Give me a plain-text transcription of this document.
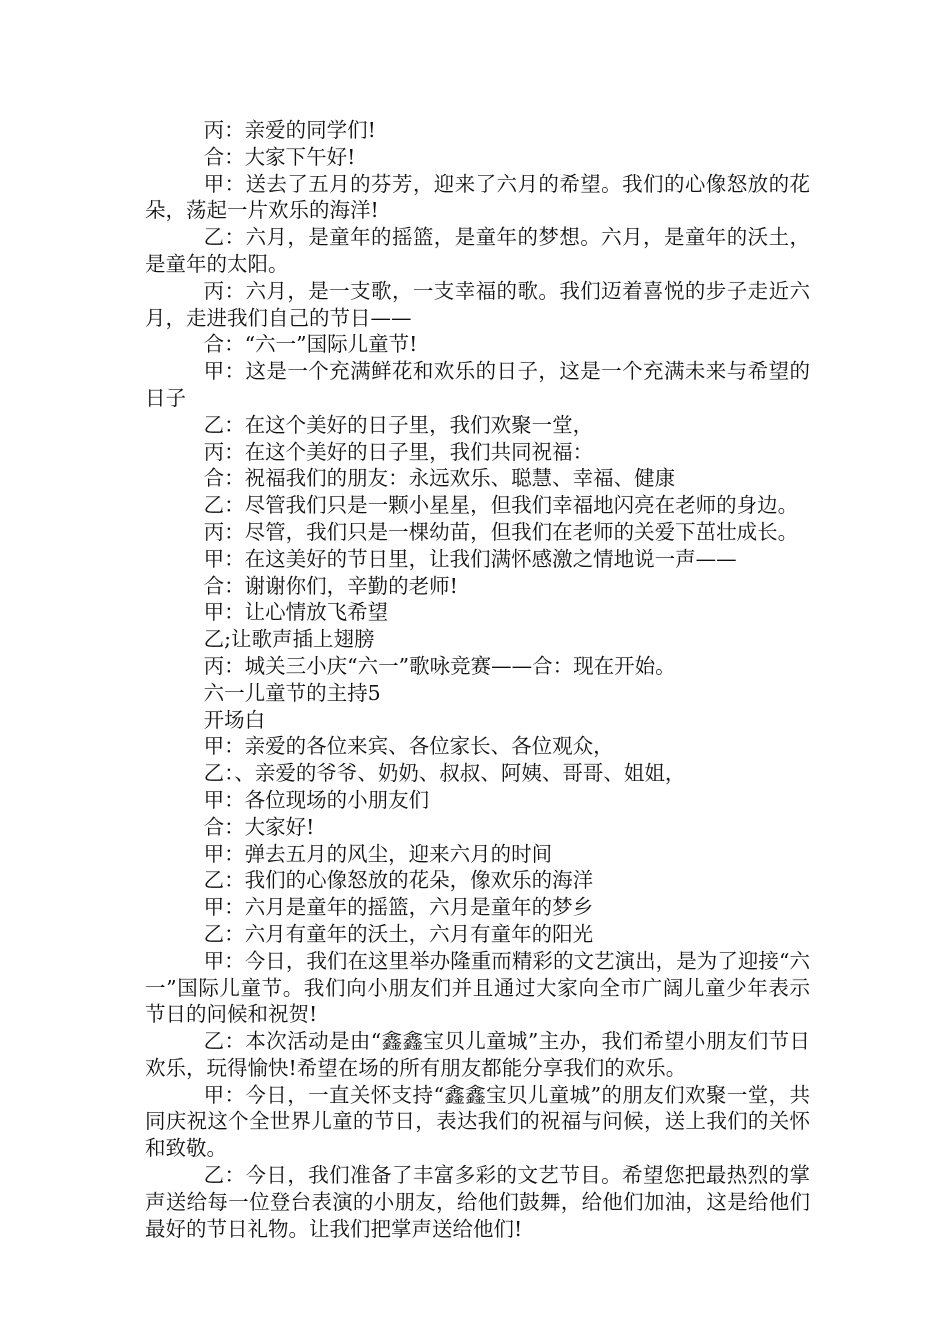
丙：亲爱的同学们!

合：大家下午好!

甲：送去了五月的芬芳，迎来了六月的希望。我们的心像怒放的花朵，荡起一片欢乐的海洋!

乙：六月，是童年的摇篮，是童年的梦想。六月，是童年的沃土，是童年的太阳。

丙：六月，是一支歌，一支幸福的歌。我们迈着喜悦的步子走近六月，走进我们自己的节日——

合：“六一”国际儿童节!

甲：这是一个充满鲜花和欢乐的日子，这是一个充满未来与希望的日子

乙：在这个美好的日子里，我们欢聚一堂，

丙：在这个美好的日子里，我们共同祝福：

合：祝福我们的朋友：永远欢乐、聪慧、幸福、健康

乙：尽管我们只是一颗小星星，但我们幸福地闪亮在老师的身边。

丙：尽管，我们只是一棵幼苗，但我们在老师的关爱下茁壮成长。

甲：在这美好的节日里，让我们满怀感激之情地说一声——

合：谢谢你们，辛勤的老师!

甲：让心情放飞希望

乙;让歌声插上翅膀

丙：城关三小庆“六一”歌咏竞赛——合：现在开始。

六一儿童节的主持5

开场白

甲：亲爱的各位来宾、各位家长、各位观众，

乙：、亲爱的爷爷、奶奶、叔叔、阿姨、哥哥、姐姐，

甲：各位现场的小朋友们

合：大家好!

甲：弹去五月的风尘，迎来六月的时间

乙：我们的心像怒放的花朵，像欢乐的海洋

甲：六月是童年的摇篮，六月是童年的梦乡

乙：六月有童年的沃土，六月有童年的阳光

甲：今日，我们在这里举办隆重而精彩的文艺演出，是为了迎接“六一”国际儿童节。我们向小朋友们并且通过大家向全市广阔儿童少年表示节日的问候和祝贺!

乙：本次活动是由“鑫鑫宝贝儿童城”主办，我们希望小朋友们节日欢乐，玩得愉快!希望在场的所有朋友都能分享我们的欢乐。

甲：今日，一直关怀支持“鑫鑫宝贝儿童城”的朋友们欢聚一堂，共同庆祝这个全世界儿童的节日，表达我们的祝福与问候，送上我们的关怀和致敬。

乙：今日，我们准备了丰富多彩的文艺节目。希望您把最热烈的掌声送给每一位登台表演的小朋友，给他们鼓舞，给他们加油，这是给他们最好的节日礼物。让我们把掌声送给他们!
